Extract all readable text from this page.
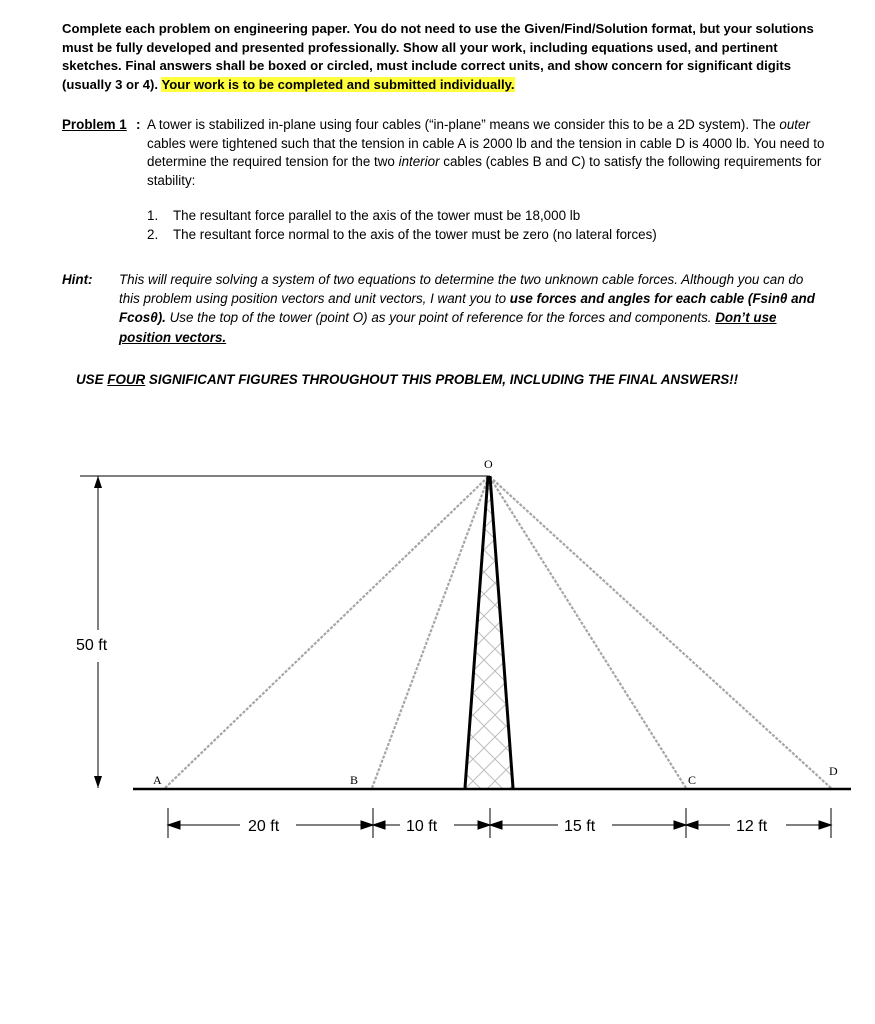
Complete each problem on engineering paper. You do not need to use the Given/Find/Solution format, but your solutions must be fully developed and presented professionally. Show all your work, including equations used, and pertinent sketches. Final answers shall be boxed or circled, must include correct units, and show concern for significant digits (usually 3 or 4). Your work is to be completed and submitted individually.
Problem 1 : A tower is stabilized in-plane using four cables (“in-plane” means we consider this to be a 2D system). The outer cables were tightened such that the tension in cable A is 2000 lb and the tension in cable D is 4000 lb. You need to determine the required tension for the two interior cables (cables B and C) to satisfy the following requirements for stability:
1. The resultant force parallel to the axis of the tower must be 18,000 lb
2. The resultant force normal to the axis of the tower must be zero (no lateral forces)
Hint: This will require solving a system of two equations to determine the two unknown cable forces. Although you can do this problem using position vectors and unit vectors, I want you to use forces and angles for each cable (Fsinθ and Fcosθ). Use the top of the tower (point O) as your point of reference for the forces and components. Don’t use position vectors.
USE FOUR SIGNIFICANT FIGURES THROUGHOUT THIS PROBLEM, INCLUDING THE FINAL ANSWERS!!
50 ft
O
A	B	C
D
20 ft	10 ft	15 ft	12 ft
